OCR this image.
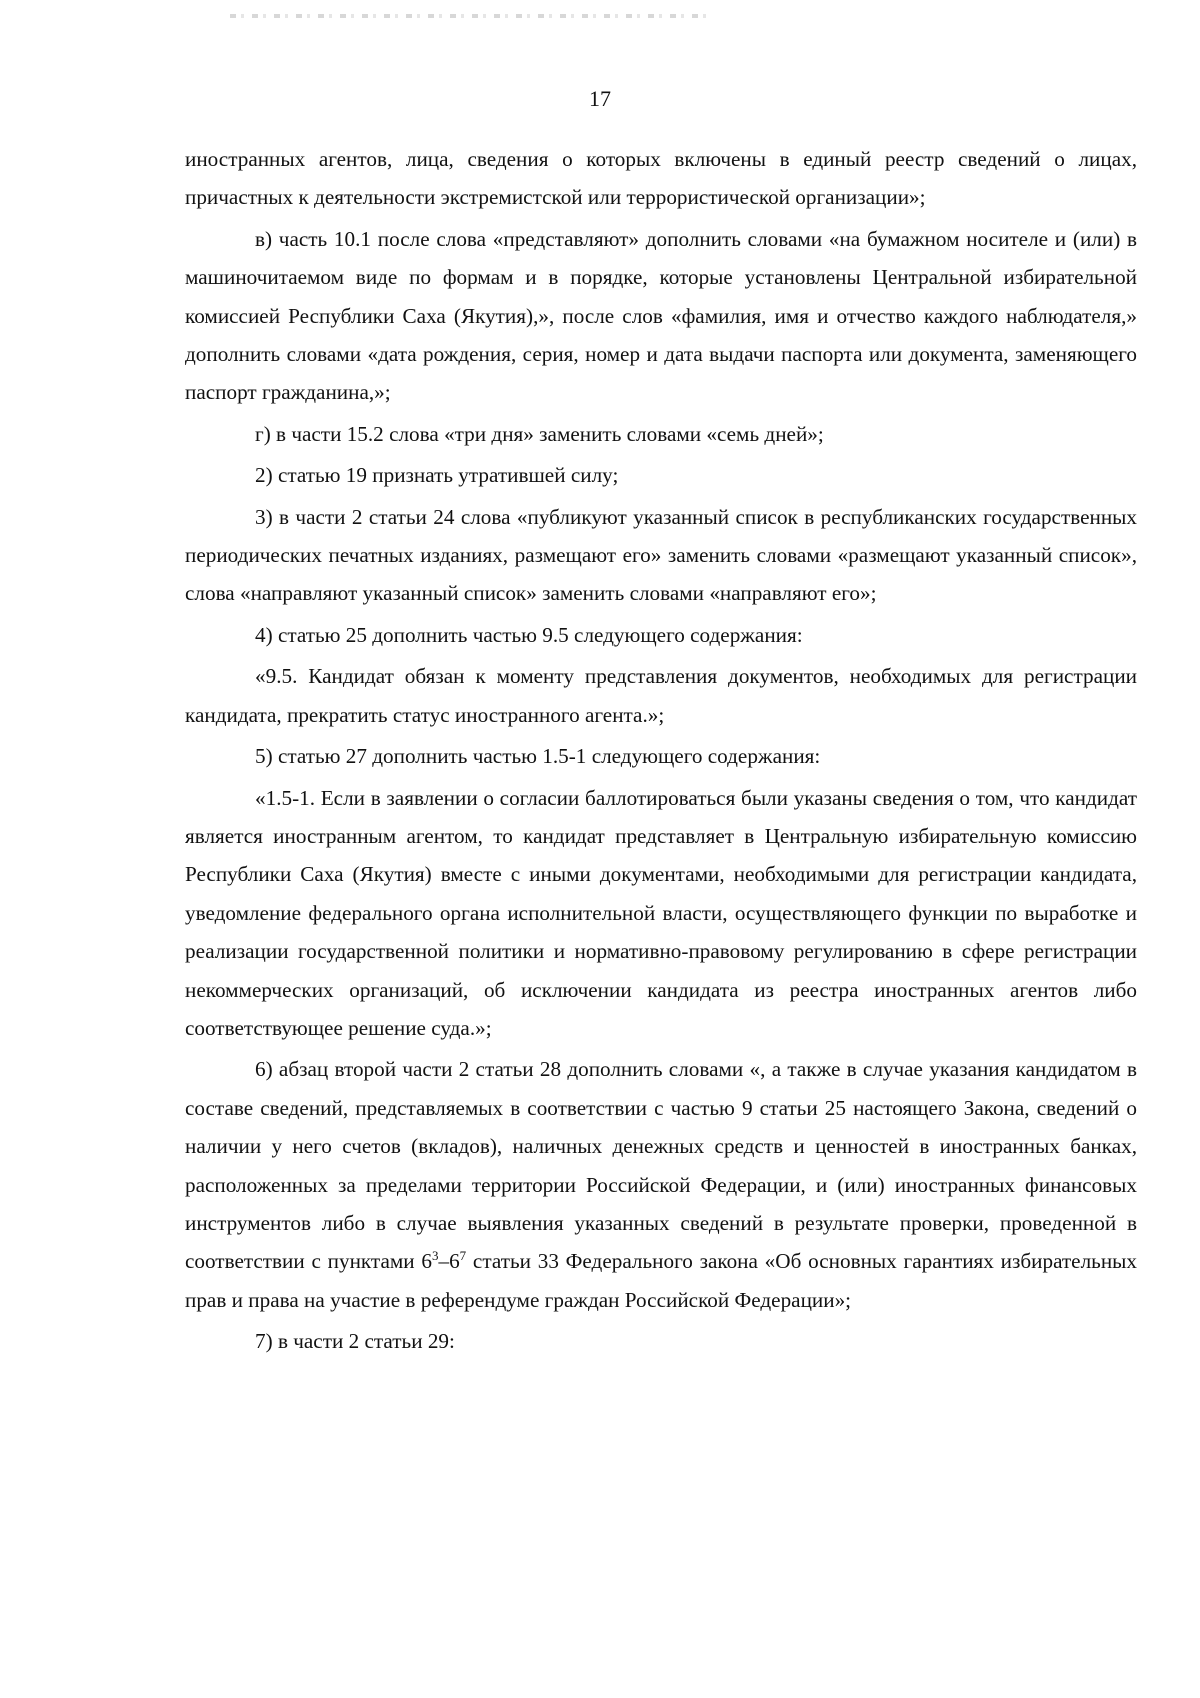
17

иностранных агентов, лица, сведения о которых включены в единый реестр сведений о лицах, причастных к деятельности экстремистской или террористической организации»;

в) часть 10.1 после слова «представляют» дополнить словами «на бумажном носителе и (или) в машиночитаемом виде по формам и в порядке, которые установлены Центральной избирательной комиссией Республики Саха (Якутия),», после слов «фамилия, имя и отчество каждого наблюдателя,» дополнить словами «дата рождения, серия, номер и дата выдачи паспорта или документа, заменяющего паспорт гражданина,»;

г) в части 15.2 слова «три дня» заменить словами «семь дней»;

2) статью 19 признать утратившей силу;

3) в части 2 статьи 24 слова «публикуют указанный список в республиканских государственных периодических печатных изданиях, размещают его» заменить словами «размещают указанный список», слова «направляют указанный список» заменить словами «направляют его»;

4) статью 25 дополнить частью 9.5 следующего содержания:

«9.5. Кандидат обязан к моменту представления документов, необходимых для регистрации кандидата, прекратить статус иностранного агента.»;

5) статью 27 дополнить частью 1.5-1 следующего содержания:

«1.5-1. Если в заявлении о согласии баллотироваться были указаны сведения о том, что кандидат является иностранным агентом, то кандидат представляет в Центральную избирательную комиссию Республики Саха (Якутия) вместе с иными документами, необходимыми для регистрации кандидата, уведомление федерального органа исполнительной власти, осуществляющего функции по выработке и реализации государственной политики и нормативно-правовому регулированию в сфере регистрации некоммерческих организаций, об исключении кандидата из реестра иностранных агентов либо соответствующее решение суда.»;

6) абзац второй части 2 статьи 28 дополнить словами «, а также в случае указания кандидатом в составе сведений, представляемых в соответствии с частью 9 статьи 25 настоящего Закона, сведений о наличии у него счетов (вкладов), наличных денежных средств и ценностей в иностранных банках, расположенных за пределами территории Российской Федерации, и (или) иностранных финансовых инструментов либо в случае выявления указанных сведений в результате проверки, проведенной в соответствии с пунктами $6^3-6^7$ статьи 33 Федерального закона «Об основных гарантиях избирательных прав и права на участие в референдуме граждан Российской Федерации»;

7) в части 2 статьи 29:
